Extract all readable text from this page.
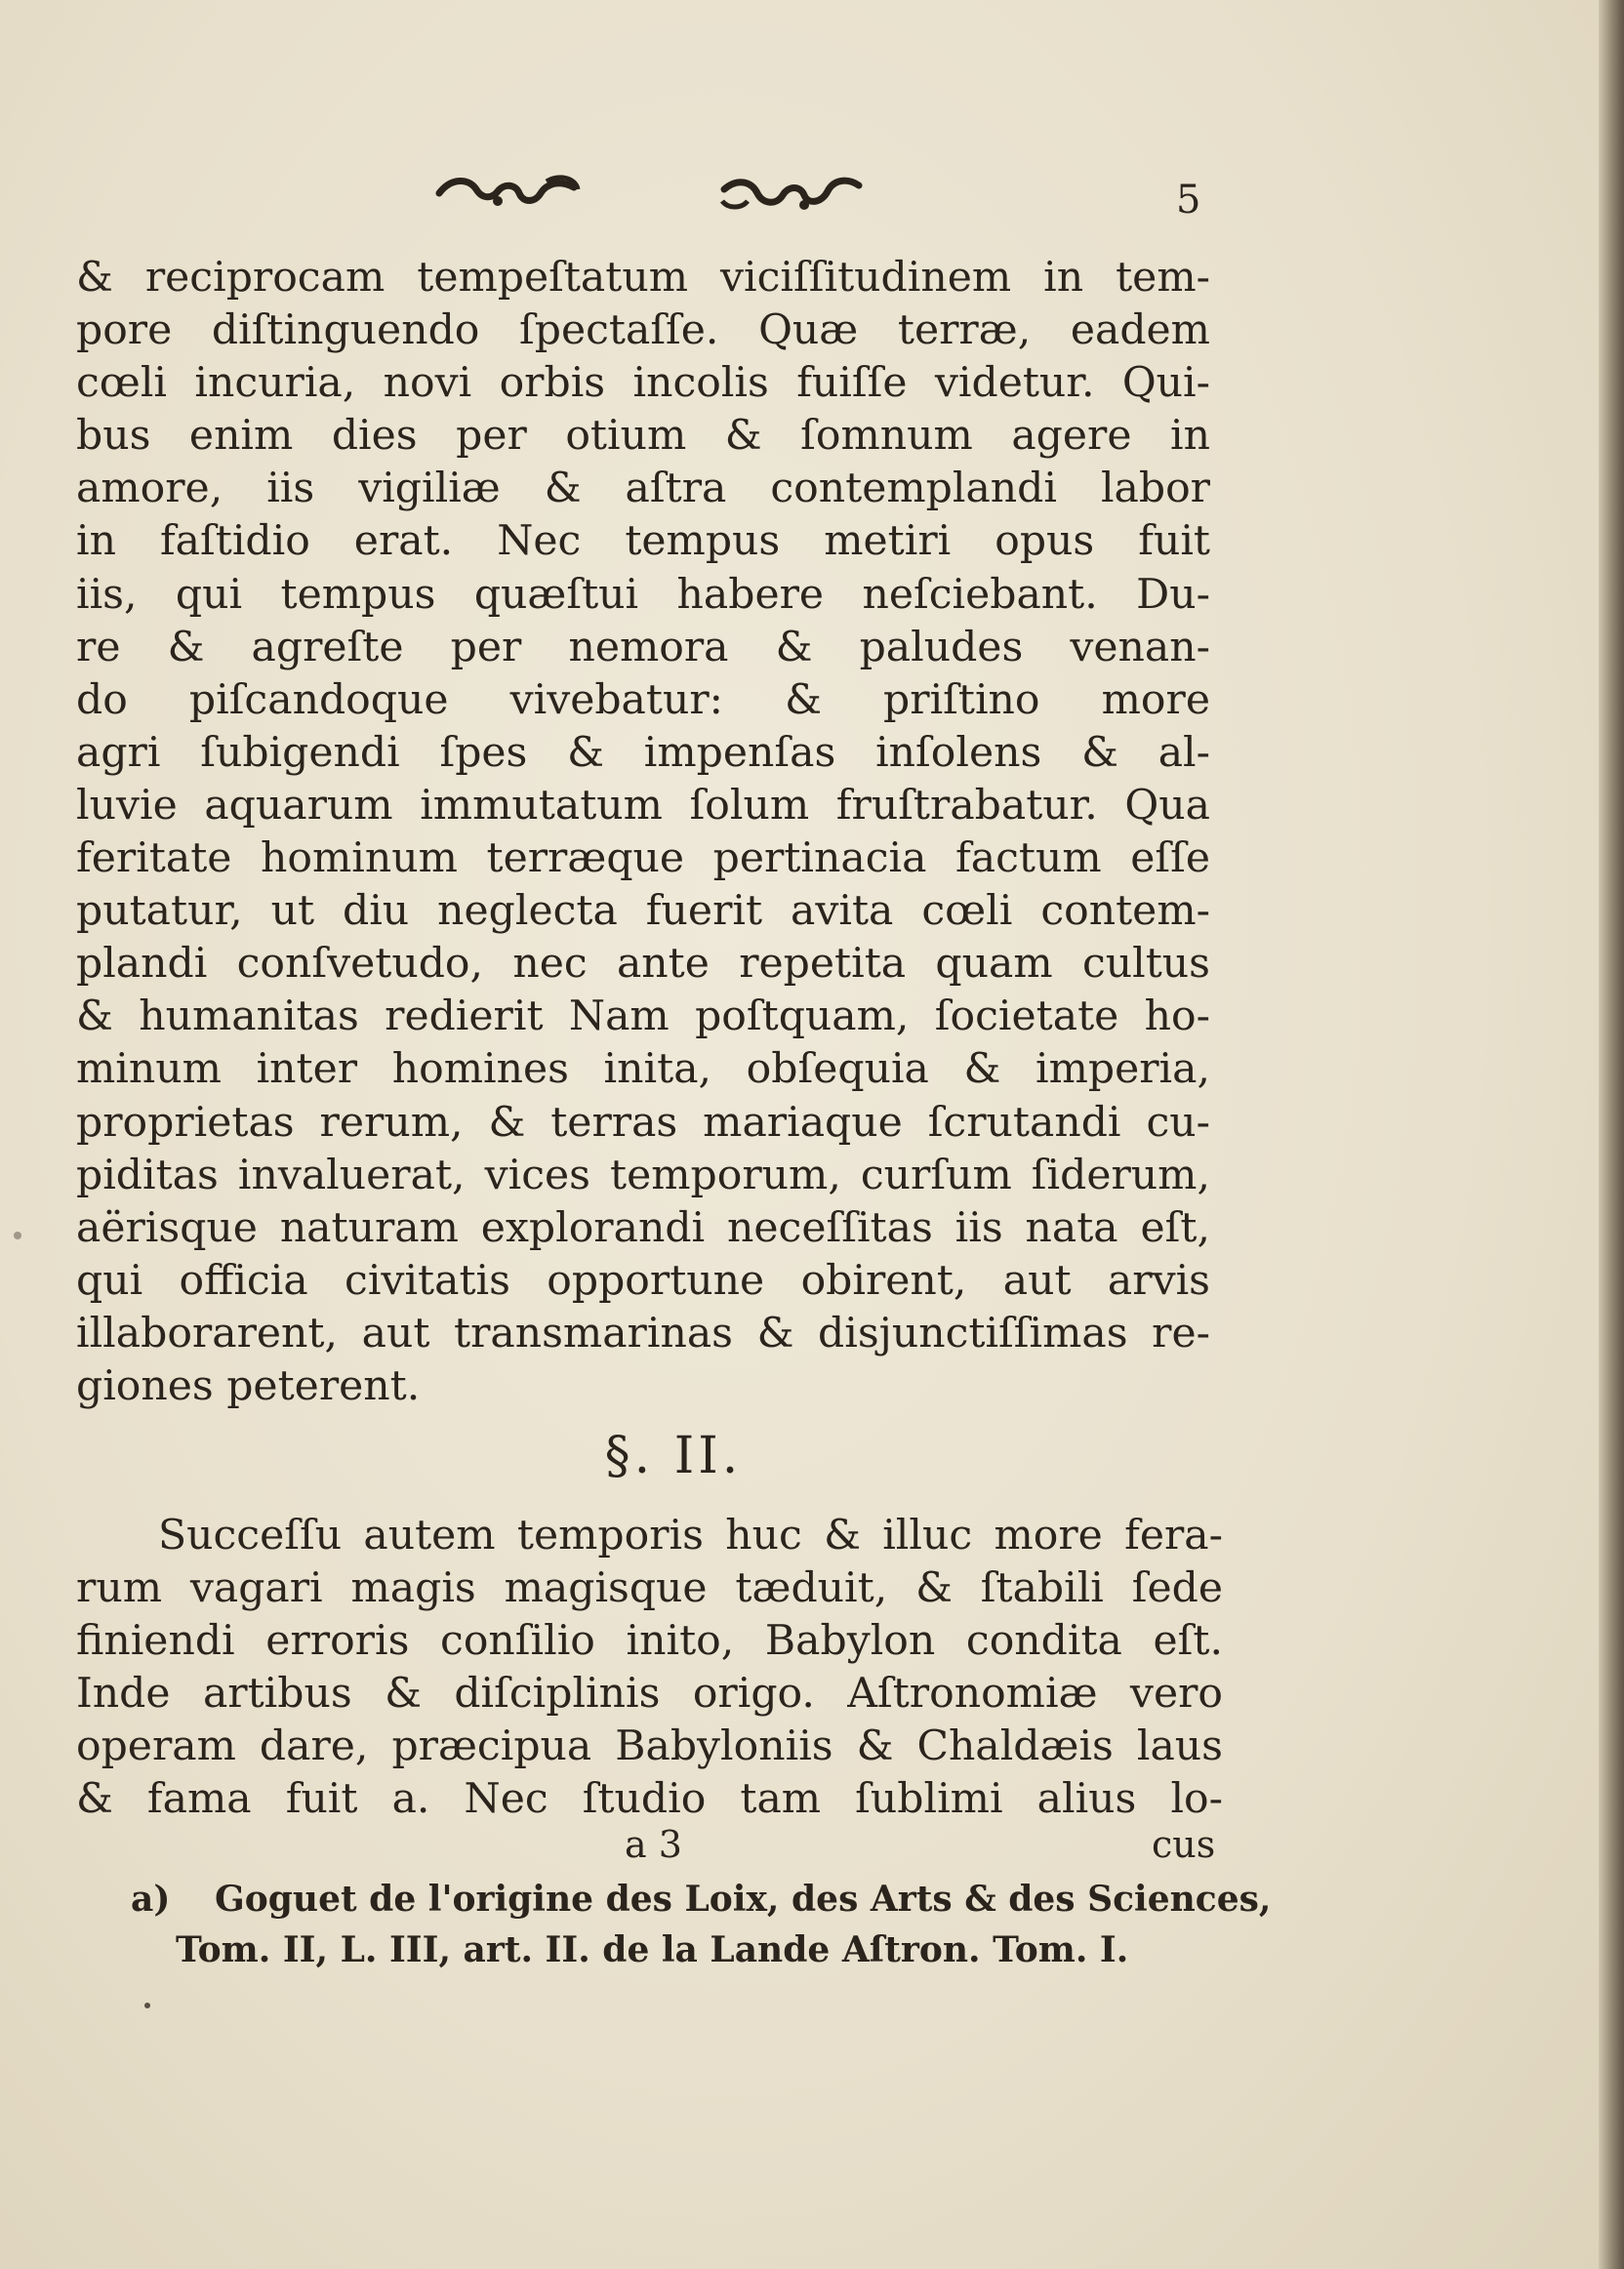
5
& reciprocam tempeſtatum viciſſitudinem in tem-
pore diſtinguendo ſpectaſſe. Quæ terræ, eadem
cœli incuria, novi orbis incolis fuiſſe videtur. Qui-
bus enim dies per otium & ſomnum agere in
amore, iis vigiliæ & aſtra contemplandi labor
in faſtidio erat. Nec tempus metiri opus fuit
iis, qui tempus quæſtui habere neſciebant. Du-
re & agreſte per nemora & paludes venan-
do piſcandoque vivebatur: & priſtino more
agri ſubigendi ſpes & impenſas inſolens & al-
luvie aquarum immutatum ſolum fruſtrabatur. Qua
feritate hominum terræque pertinacia factum eſſe
putatur, ut diu neglecta fuerit avita cœli contem-
plandi conſvetudo, nec ante repetita quam cultus
& humanitas redierit Nam poſtquam, ſocietate ho-
minum inter homines inita, obſequia & imperia,
proprietas rerum, & terras mariaque ſcrutandi cu-
piditas invaluerat, vices temporum, curſum ſiderum,
aërisque naturam explorandi neceſſitas iis nata eſt,
qui officia civitatis opportune obirent, aut arvis
illaborarent, aut transmarinas & disjunctiſſimas re-
giones peterent.
§. II.
Succeſſu autem temporis huc & illuc more fera-
rum vagari magis magisque tæduit, & ſtabili ſede
finiendi erroris conſilio inito, Babylon condita eſt.
Inde artibus & diſciplinis origo. Aſtronomiæ vero
operam dare, præcipua Babyloniis & Chaldæis laus
& fama fuit a. Nec ſtudio tam ſublimi alius lo-
a 3	cus
a)	Goguet de l'origine des Loix, des Arts & des Sciences,
Tom. II, L. III, art. II. de la Lande Aſtron. Tom. I.
